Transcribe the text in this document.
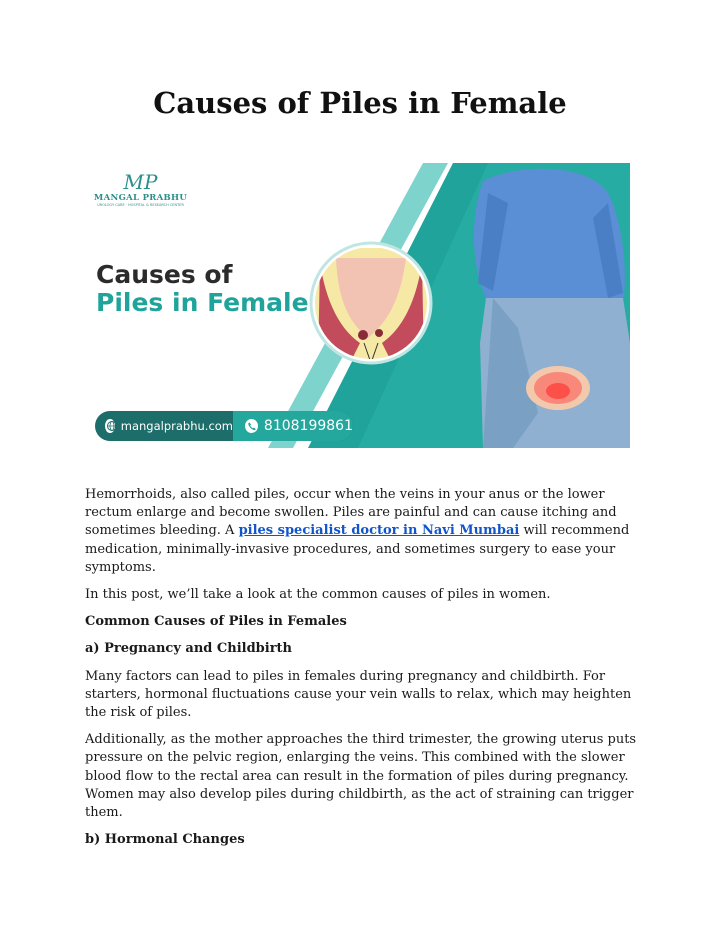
Causes of Piles in Female
MP
MANGAL PRABHU
UROLOGY CARE · HOSPITAL & RESEARCH CENTER
Causes of
Piles in Female
mangalprabhu.com 8108199861

Hemorrhoids, also called piles, occur when the veins in your anus or the lower rectum enlarge and become swollen. Piles are painful and can cause itching and sometimes bleeding. A piles specialist doctor in Navi Mumbai will recommend medication, minimally-invasive procedures, and sometimes surgery to ease your symptoms.

In this post, we’ll take a look at the common causes of piles in women.

Common Causes of Piles in Females
a) Pregnancy and Childbirth

Many factors can lead to piles in females during pregnancy and childbirth. For starters, hormonal fluctuations cause your vein walls to relax, which may heighten the risk of piles.

Additionally, as the mother approaches the third trimester, the growing uterus puts pressure on the pelvic region, enlarging the veins. This combined with the slower blood flow to the rectal area can result in the formation of piles during pregnancy. Women may also develop piles during childbirth, as the act of straining can trigger them.

b) Hormonal Changes
